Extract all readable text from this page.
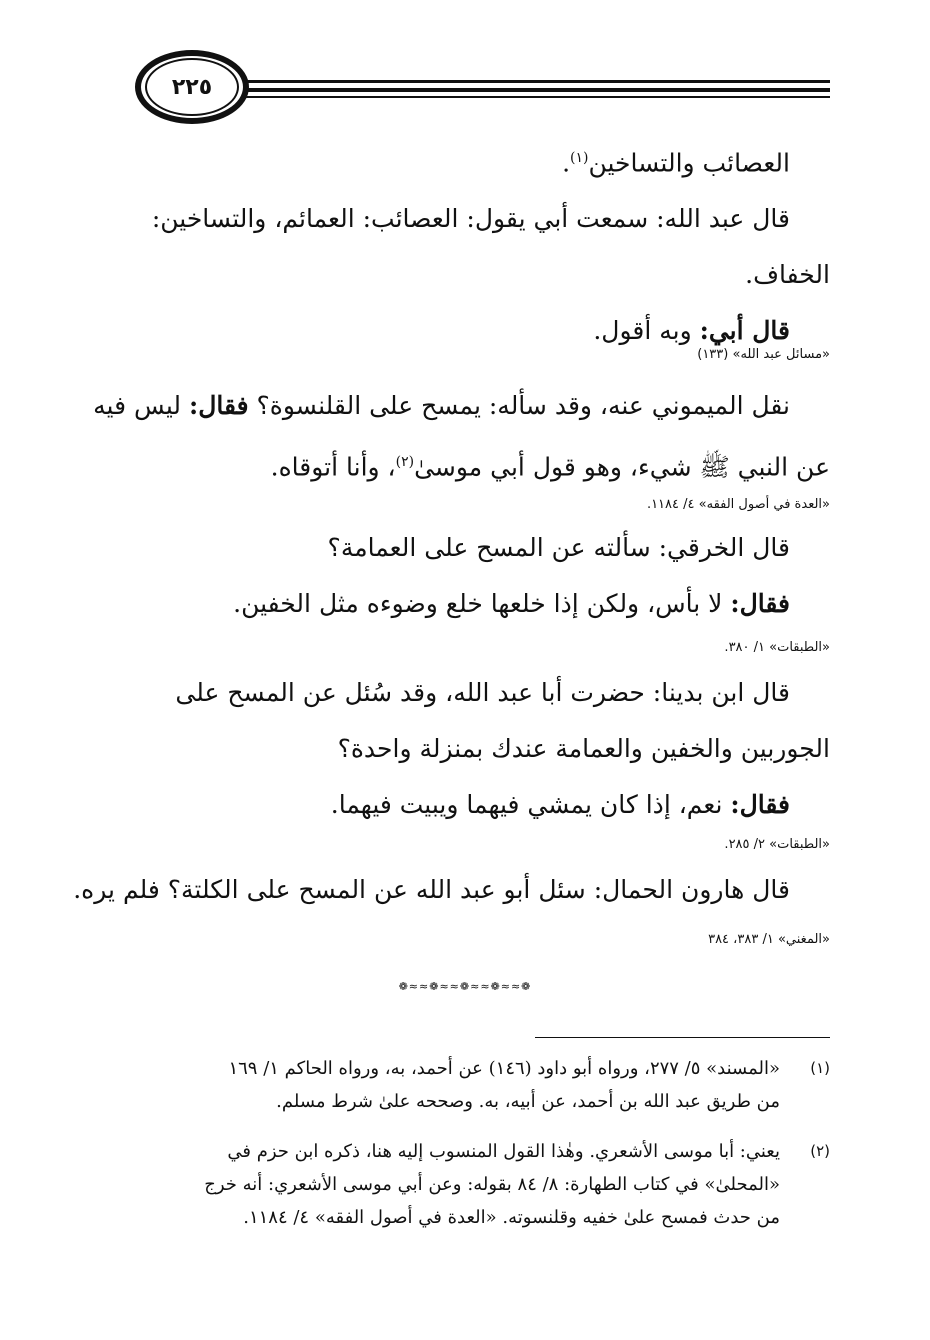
٢٢٥
العصائب والتساخين$^{(١)}$.
قال عبد الله: سمعت أبي يقول: العصائب: العمائم، والتساخين:
الخفاف.
قال أبي: وبه أقول.
«مسائل عبد الله» (١٣٣)
نقل الميموني عنه، وقد سأله: يمسح على القلنسوة؟ فقال: ليس فيه
عن النبي ﷺ شيء، وهو قول أبي موسىٰ$^{(٢)}$، وأنا أتوقاه.
«العدة في أصول الفقه» ٤/ ١١٨٤.
قال الخرقي: سألته عن المسح على العمامة؟
فقال: لا بأس، ولكن إذا خلعها خلع وضوءه مثل الخفين.
«الطبقات» ١/ ٣٨٠.
قال ابن بدينا: حضرت أبا عبد الله، وقد سُئل عن المسح على
الجوربين والخفين والعمامة عندك بمنزلة واحدة؟
فقال: نعم، إذا كان يمشي فيهما ويبيت فيهما.
«الطبقات» ٢/ ٢٨٥.
قال هارون الحمال: سئل أبو عبد الله عن المسح على الكلتة؟ فلم يره.
«المغني» ١/ ٣٨٣، ٣٨٤
❁≈≈❁≈≈❁≈≈❁≈≈❁
(١)
«المسند» ٥/ ٢٧٧، ورواه أبو داود (١٤٦) عن أحمد، به، ورواه الحاكم ١/ ١٦٩
من طريق عبد الله بن أحمد، عن أبيه، به. وصححه علىٰ شرط مسلم.
(٢)
يعني: أبا موسى الأشعري. وهٰذا القول المنسوب إليه هنا، ذكره ابن حزم في
«المحلىٰ» في كتاب الطهارة: ٨/ ٨٤ بقوله: وعن أبي موسى الأشعري: أنه خرج
من حدث فمسح علىٰ خفيه وقلنسوته. «العدة في أصول الفقه» ٤/ ١١٨٤.
